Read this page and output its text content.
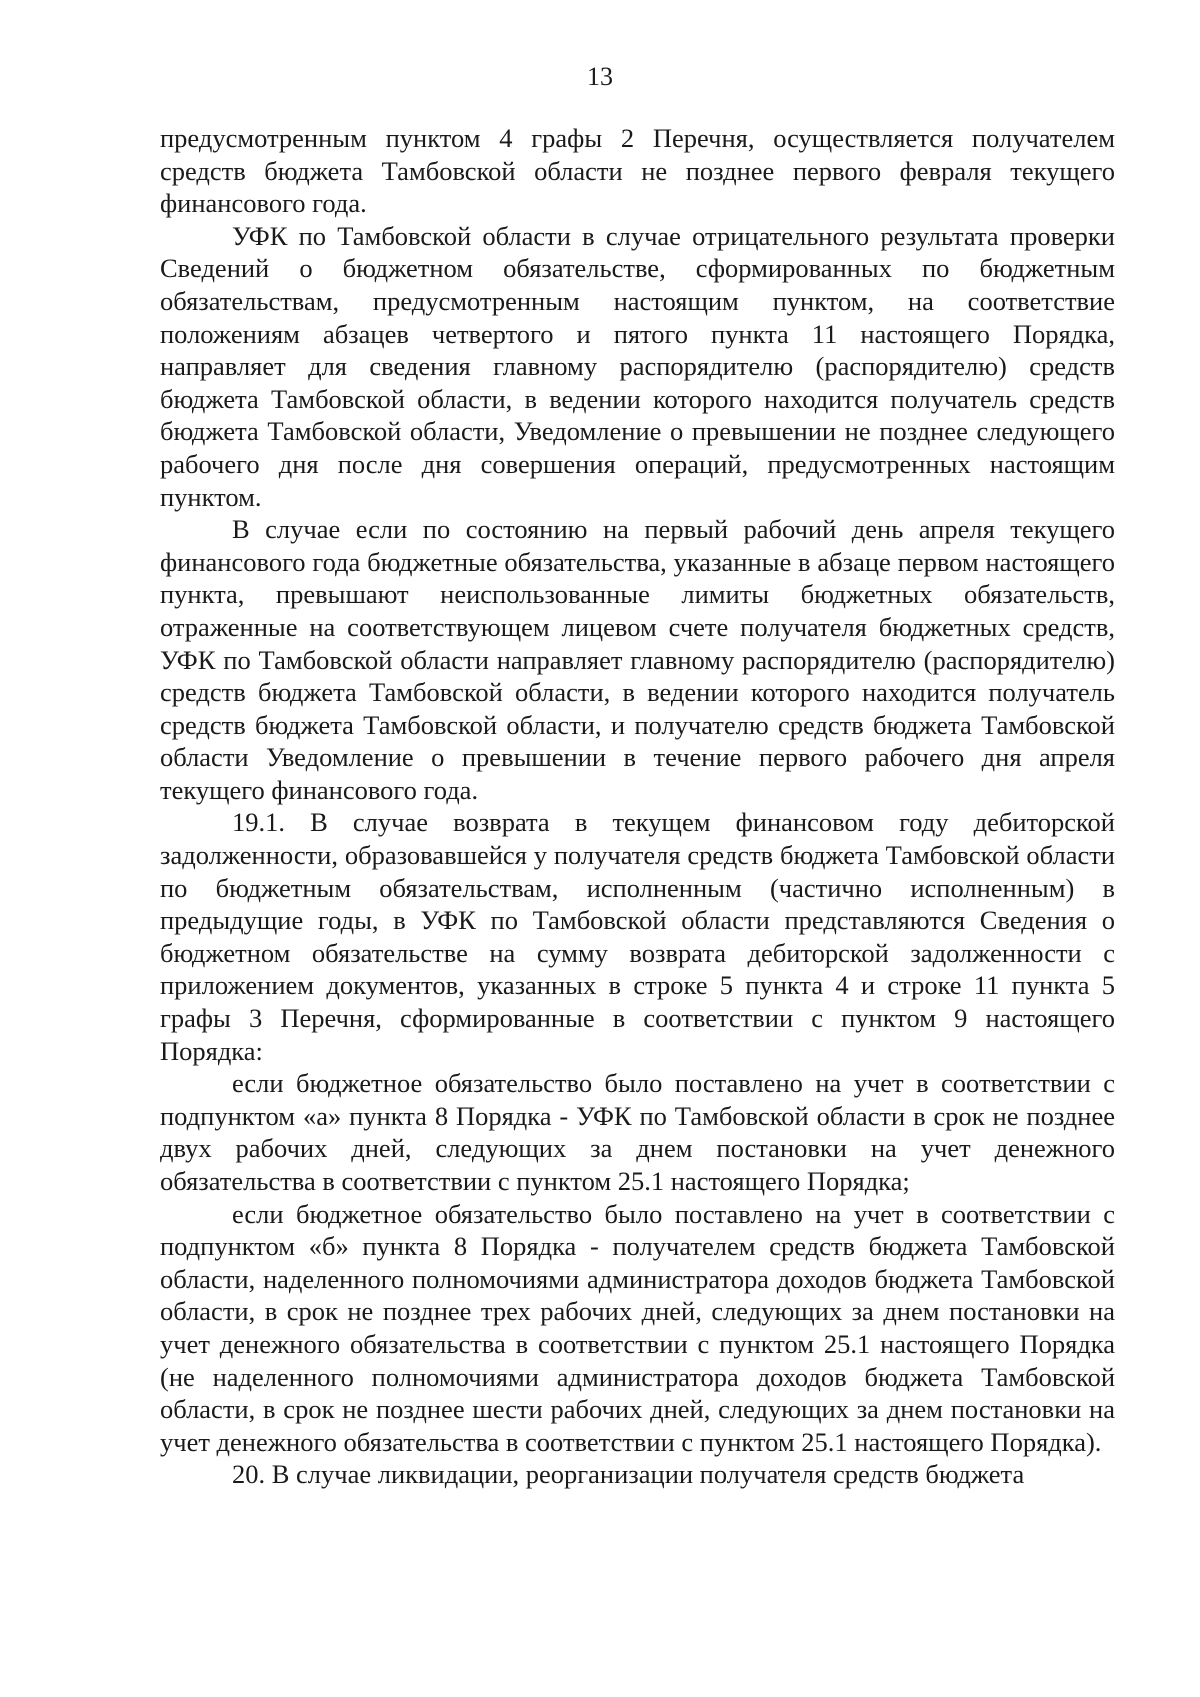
13

предусмотренным пунктом 4 графы 2 Перечня, осуществляется получателем средств бюджета Тамбовской области не позднее первого февраля текущего финансового года.

УФК по Тамбовской области в случае отрицательного результата проверки Сведений о бюджетном обязательстве, сформированных по бюджетным обязательствам, предусмотренным настоящим пунктом, на соответствие положениям абзацев четвертого и пятого пункта 11 настоящего Порядка, направляет для сведения главному распорядителю (распорядителю) средств бюджета Тамбовской области, в ведении которого находится получатель средств бюджета Тамбовской области, Уведомление о превышении не позднее следующего рабочего дня после дня совершения операций, предусмотренных настоящим пунктом.

В случае если по состоянию на первый рабочий день апреля текущего финансового года бюджетные обязательства, указанные в абзаце первом настоящего пункта, превышают неиспользованные лимиты бюджетных обязательств, отраженные на соответствующем лицевом счете получателя бюджетных средств, УФК по Тамбовской области направляет главному распорядителю (распорядителю) средств бюджета Тамбовской области, в ведении которого находится получатель средств бюджета Тамбовской области, и получателю средств бюджета Тамбовской области Уведомление о превышении в течение первого рабочего дня апреля текущего финансового года.

19.1. В случае возврата в текущем финансовом году дебиторской задолженности, образовавшейся у получателя средств бюджета Тамбовской области по бюджетным обязательствам, исполненным (частично исполненным) в предыдущие годы, в УФК по Тамбовской области представляются Сведения о бюджетном обязательстве на сумму возврата дебиторской задолженности с приложением документов, указанных в строке 5 пункта 4 и строке 11 пункта 5 графы 3 Перечня, сформированные в соответствии с пунктом 9 настоящего Порядка:

если бюджетное обязательство было поставлено на учет в соответствии с подпунктом «а» пункта 8 Порядка - УФК по Тамбовской области в срок не позднее двух рабочих дней, следующих за днем постановки на учет денежного обязательства в соответствии с пунктом 25.1 настоящего Порядка;

если бюджетное обязательство было поставлено на учет в соответствии с подпунктом «б» пункта 8 Порядка - получателем средств бюджета Тамбовской области, наделенного полномочиями администратора доходов бюджета Тамбовской области, в срок не позднее трех рабочих дней, следующих за днем постановки на учет денежного обязательства в соответствии с пунктом 25.1 настоящего Порядка (не наделенного полномочиями администратора доходов бюджета Тамбовской области, в срок не позднее шести рабочих дней, следующих за днем постановки на учет денежного обязательства в соответствии с пунктом 25.1 настоящего Порядка).

20. В случае ликвидации, реорганизации получателя средств бюджета
